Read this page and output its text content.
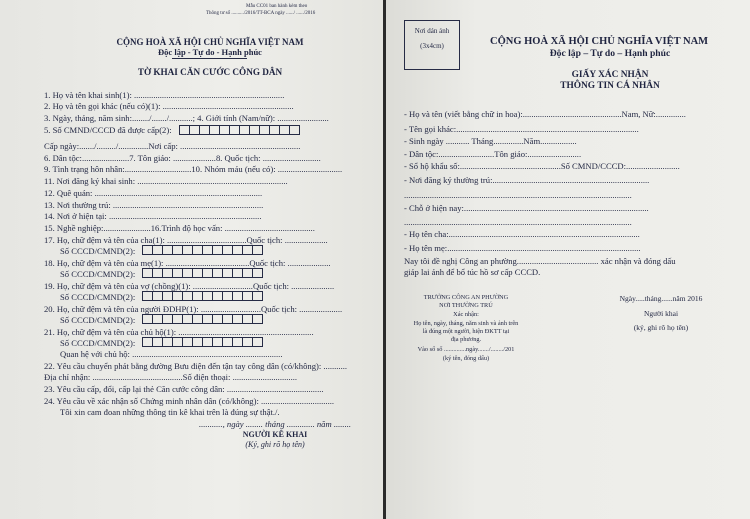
Mẫu CC01 ban hành kèm theo
Thông tư số ........../2016/TT-BCA ngày ....../ ....../2016
CỘNG HOÀ XÃ HỘI CHỦ NGHĨA VIỆT NAM
Độc lập - Tự do - Hạnh phúc
TỜ KHAI CĂN CƯỚC CÔNG DÂN
1. Họ và tên khai sinh(1): ......................................................................
2. Họ và tên gọi khác (nếu có)(1): .............................................................
3. Ngày, tháng, năm sinh:......../......./...........; 4. Giới tính (Nam/nữ): ........................
5. Số CMND/CCCD đã được cấp(2):
Cấp ngày:......./........./..............Nơi cấp: ........................................................
6. Dân tộc:......................7. Tôn giáo: ....................8. Quốc tịch: ...........................
9. Tình trạng hôn nhân:...............................10. Nhóm máu (nếu có): ..............................
11. Nơi đăng ký khai sinh: ......................................................................
12. Quê quán: ..............................................................................
13. Nơi thường trú: ......................................................................
14. Nơi ở hiện tại: .......................................................................
15. Nghề nghiệp:......................16.Trình độ học vấn: ..........................................
17. Họ, chữ đệm và tên của cha(1): .....................................Quốc tịch: ....................
Số CCCD/CMND(2):
18. Họ, chữ đệm và tên của mẹ(1): .......................................Quốc tịch: ....................
Số CCCD/CMND(2):
19. Họ, chữ đệm và tên của vợ (chồng)(1): ............................Quốc tịch: ....................
Số CCCD/CMND(2):
20. Họ, chữ đệm và tên của người ĐDHP(1): ............................Quốc tịch: ....................
Số CCCD/CMND(2):
21. Họ, chữ đệm và tên của chủ hộ(1): ...............................................................
Số CCCD/CMND(2):
Quan hệ với chủ hộ: ......................................................................
22. Yêu cầu chuyển phát bằng đường Bưu điện đến tận tay công dân (có/không): ...........
Địa chỉ nhận: ..........................................Số điện thoại: ..............................
23. Yêu cầu cấp, đổi, cấp lại thẻ Căn cước công dân: .............................................
24. Yêu cầu về xác nhận số Chứng minh nhân dân (có/không): ..................................
Tôi xin cam đoan những thông tin kê khai trên là đúng sự thật./.
..........., ngày ........ tháng ............. năm ........
NGƯỜI KÊ KHAI
(Ký, ghi rõ họ tên)
Nơi dán ảnh
(3x4cm)	CỘNG HOÀ XÃ HỘI CHỦ NGHĨA VIỆT NAM
Độc lập – Tự do – Hạnh phúc
GIẤY XÁC NHẬN
THÔNG TIN CÁ NHÂN
- Họ và tên (viết bằng chữ in hoa):..............................................Nam, Nữ:..............
- Tên gọi khác:.....................................................................................
- Sinh ngày ........... Tháng..............Năm.................
- Dân tộc:..........................Tôn giáo:.........................
- Sổ hộ khẩu số:...............................................Số CMND/CCCD:.........................
- Nơi đăng ký thường trú:.........................................................................
..........................................................................................................
- Chỗ ở hiện nay:......................................................................................
..........................................................................................................
- Họ tên cha:.........................................................................................
- Họ tên mẹ:..........................................................................................
Nay tôi đề nghị Công an phường...................................... xác nhận và đóng dấu
giáp lai ảnh để bổ túc hồ sơ cấp CCCD.
TRƯỞNG CÔNG AN PHƯỜNG
NƠI THƯỜNG TRÚ
Xác nhận:
Họ tên, ngày, tháng, năm sinh và ảnh trên
là đúng một người, hiện ĐKTT tại
địa phương.
Vào sổ số ..............ngày......./......../201
(ký tên, đóng dấu)
Ngày.....tháng......năm 2016
Người khai
(ký, ghi rõ họ tên)
